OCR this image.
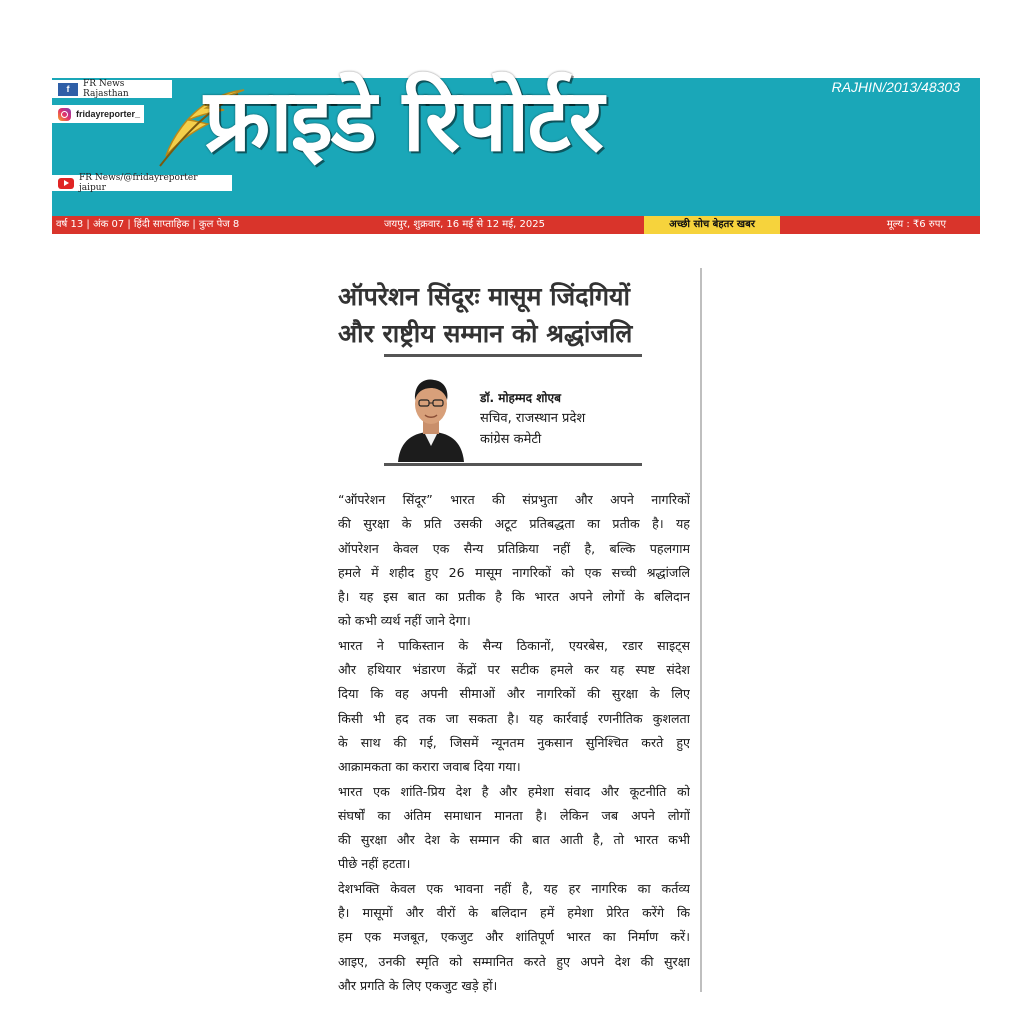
f	FR News Rajasthan
fridayreporter_
FR News/@fridayreporter jaipur
फ्राइडे रिपोर्टर	RAJHIN/2013/48303
वर्ष 13 | अंक 07 | हिंदी साप्ताहिक | कुल पेज 8	जयपुर, शुक्रवार, 16 मई से 12 मई, 2025	अच्छी सोच बेहतर खबर	मूल्य : ₹6 रुपए
ऑपरेशन सिंदूरः मासूम जिंदगियों
और राष्ट्रीय सम्मान को श्रद्धांजलि
डॉ. मोहम्मद शोएब
सचिव, राजस्थान प्रदेश
कांग्रेस कमेटी
“ऑपरेशन सिंदूर” भारत की संप्रभुता और अपने नागरिकों
की सुरक्षा के प्रति उसकी अटूट प्रतिबद्धता का प्रतीक है। यह
ऑपरेशन केवल एक सैन्य प्रतिक्रिया नहीं है, बल्कि पहलगाम
हमले में शहीद हुए 26 मासूम नागरिकों को एक सच्ची श्रद्धांजलि
है। यह इस बात का प्रतीक है कि भारत अपने लोगों के बलिदान
को कभी व्यर्थ नहीं जाने देगा।
भारत ने पाकिस्तान के सैन्य ठिकानों, एयरबेस, रडार साइट्स
और हथियार भंडारण केंद्रों पर सटीक हमले कर यह स्पष्ट संदेश
दिया कि वह अपनी सीमाओं और नागरिकों की सुरक्षा के लिए
किसी भी हद तक जा सकता है। यह कार्रवाई रणनीतिक कुशलता
के साथ की गई, जिसमें न्यूनतम नुकसान सुनिश्चित करते हुए
आक्रामकता का करारा जवाब दिया गया।
भारत एक शांति-प्रिय देश है और हमेशा संवाद और कूटनीति को
संघर्षों का अंतिम समाधान मानता है। लेकिन जब अपने लोगों
की सुरक्षा और देश के सम्मान की बात आती है, तो भारत कभी
पीछे नहीं हटता।
देशभक्ति केवल एक भावना नहीं है, यह हर नागरिक का कर्तव्य
है। मासूमों और वीरों के बलिदान हमें हमेशा प्रेरित करेंगे कि
हम एक मजबूत, एकजुट और शांतिपूर्ण भारत का निर्माण करें।
आइए, उनकी स्मृति को सम्मानित करते हुए अपने देश की सुरक्षा
और प्रगति के लिए एकजुट खड़े हों।
